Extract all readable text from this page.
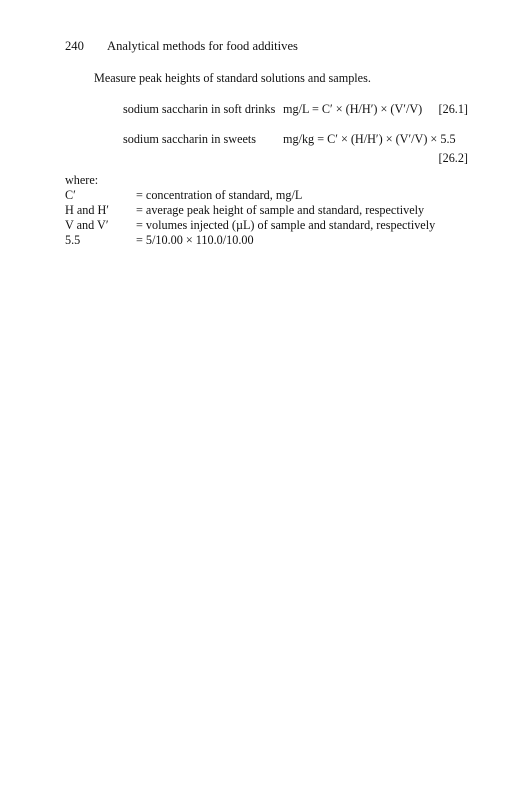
240 Analytical methods for food additives
Measure peak heights of standard solutions and samples.
sodium saccharin in soft drinks mg/L = C′ × (H/H′) × (V′/V) [26.1]
sodium saccharin in sweets mg/kg = C′ × (H/H′) × (V′/V) × 5.5
[26.2]
where:
C′	= concentration of standard, mg/L
H and H′ = average peak height of sample and standard, respectively
V and V′ = volumes injected (µL) of sample and standard, respectively
5.5	= 5/10.00 × 110.0/10.00
